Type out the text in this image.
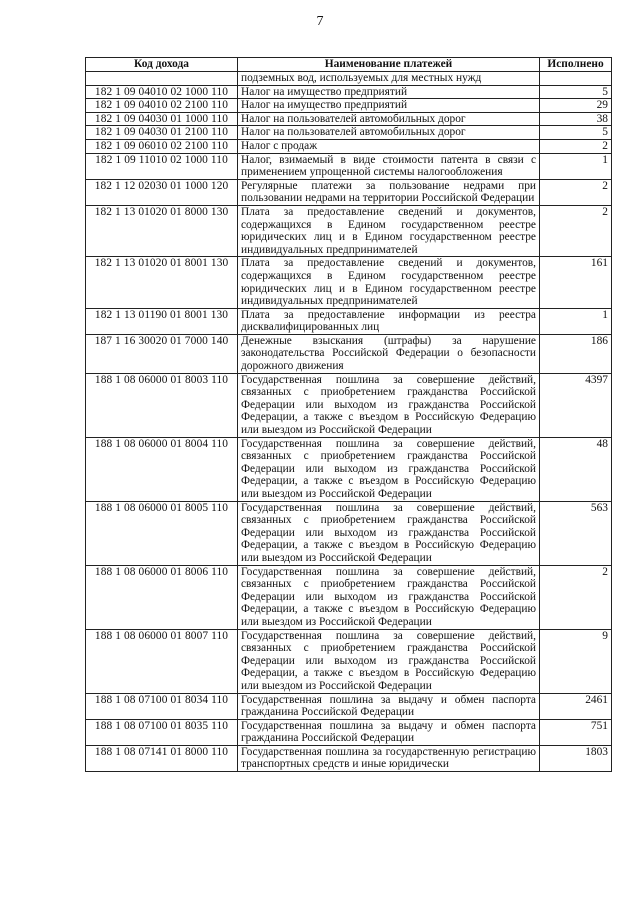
7
Код дохода	Наименование платежей	Исполнено
	подземных вод, используемых для местных нужд	
182 1 09 04010 02 1000 110	Налог на имущество предприятий	5
182 1 09 04010 02 2100 110	Налог на имущество предприятий	29
182 1 09 04030 01 1000 110	Налог на пользователей автомобильных дорог	38
182 1 09 04030 01 2100 110	Налог на пользователей автомобильных дорог	5
182 1 09 06010 02 2100 110	Налог с продаж	2
182 1 09 11010 02 1000 110	Налог, взимаемый в виде стоимости патента в связи с применением упрощенной системы налогообложения	1
182 1 12 02030 01 1000 120	Регулярные платежи за пользование недрами при пользовании недрами на территории Российской Федерации	2
182 1 13 01020 01 8000 130	Плата за предоставление сведений и документов, содержащихся в Едином государственном реестре юридических лиц и в Едином государственном реестре индивидуальных предпринимателей	2
182 1 13 01020 01 8001 130	Плата за предоставление сведений и документов, содержащихся в Едином государственном реестре юридических лиц и в Едином государственном реестре индивидуальных предпринимателей	161
182 1 13 01190 01 8001 130	Плата за предоставление информации из реестра дисквалифицированных лиц	1
187 1 16 30020 01 7000 140	Денежные взыскания (штрафы) за нарушение законодательства Российской Федерации о безопасности дорожного движения	186
188 1 08 06000 01 8003 110	Государственная пошлина за совершение действий, связанных с приобретением гражданства Российской Федерации или выходом из гражданства Российской Федерации, а также с въездом в Российскую Федерацию или выездом из Российской Федерации	4397
188 1 08 06000 01 8004 110	Государственная пошлина за совершение действий, связанных с приобретением гражданства Российской Федерации или выходом из гражданства Российской Федерации, а также с въездом в Российскую Федерацию или выездом из Российской Федерации	48
188 1 08 06000 01 8005 110	Государственная пошлина за совершение действий, связанных с приобретением гражданства Российской Федерации или выходом из гражданства Российской Федерации, а также с въездом в Российскую Федерацию или выездом из Российской Федерации	563
188 1 08 06000 01 8006 110	Государственная пошлина за совершение действий, связанных с приобретением гражданства Российской Федерации или выходом из гражданства Российской Федерации, а также с въездом в Российскую Федерацию или выездом из Российской Федерации	2
188 1 08 06000 01 8007 110	Государственная пошлина за совершение действий, связанных с приобретением гражданства Российской Федерации или выходом из гражданства Российской Федерации, а также с въездом в Российскую Федерацию или выездом из Российской Федерации	9
188 1 08 07100 01 8034 110	Государственная пошлина за выдачу и обмен паспорта гражданина Российской Федерации	2461
188 1 08 07100 01 8035 110	Государственная пошлина за выдачу и обмен паспорта гражданина Российской Федерации	751
188 1 08 07141 01 8000 110	Государственная пошлина за государственную регистрацию транспортных средств и иные юридически	1803
